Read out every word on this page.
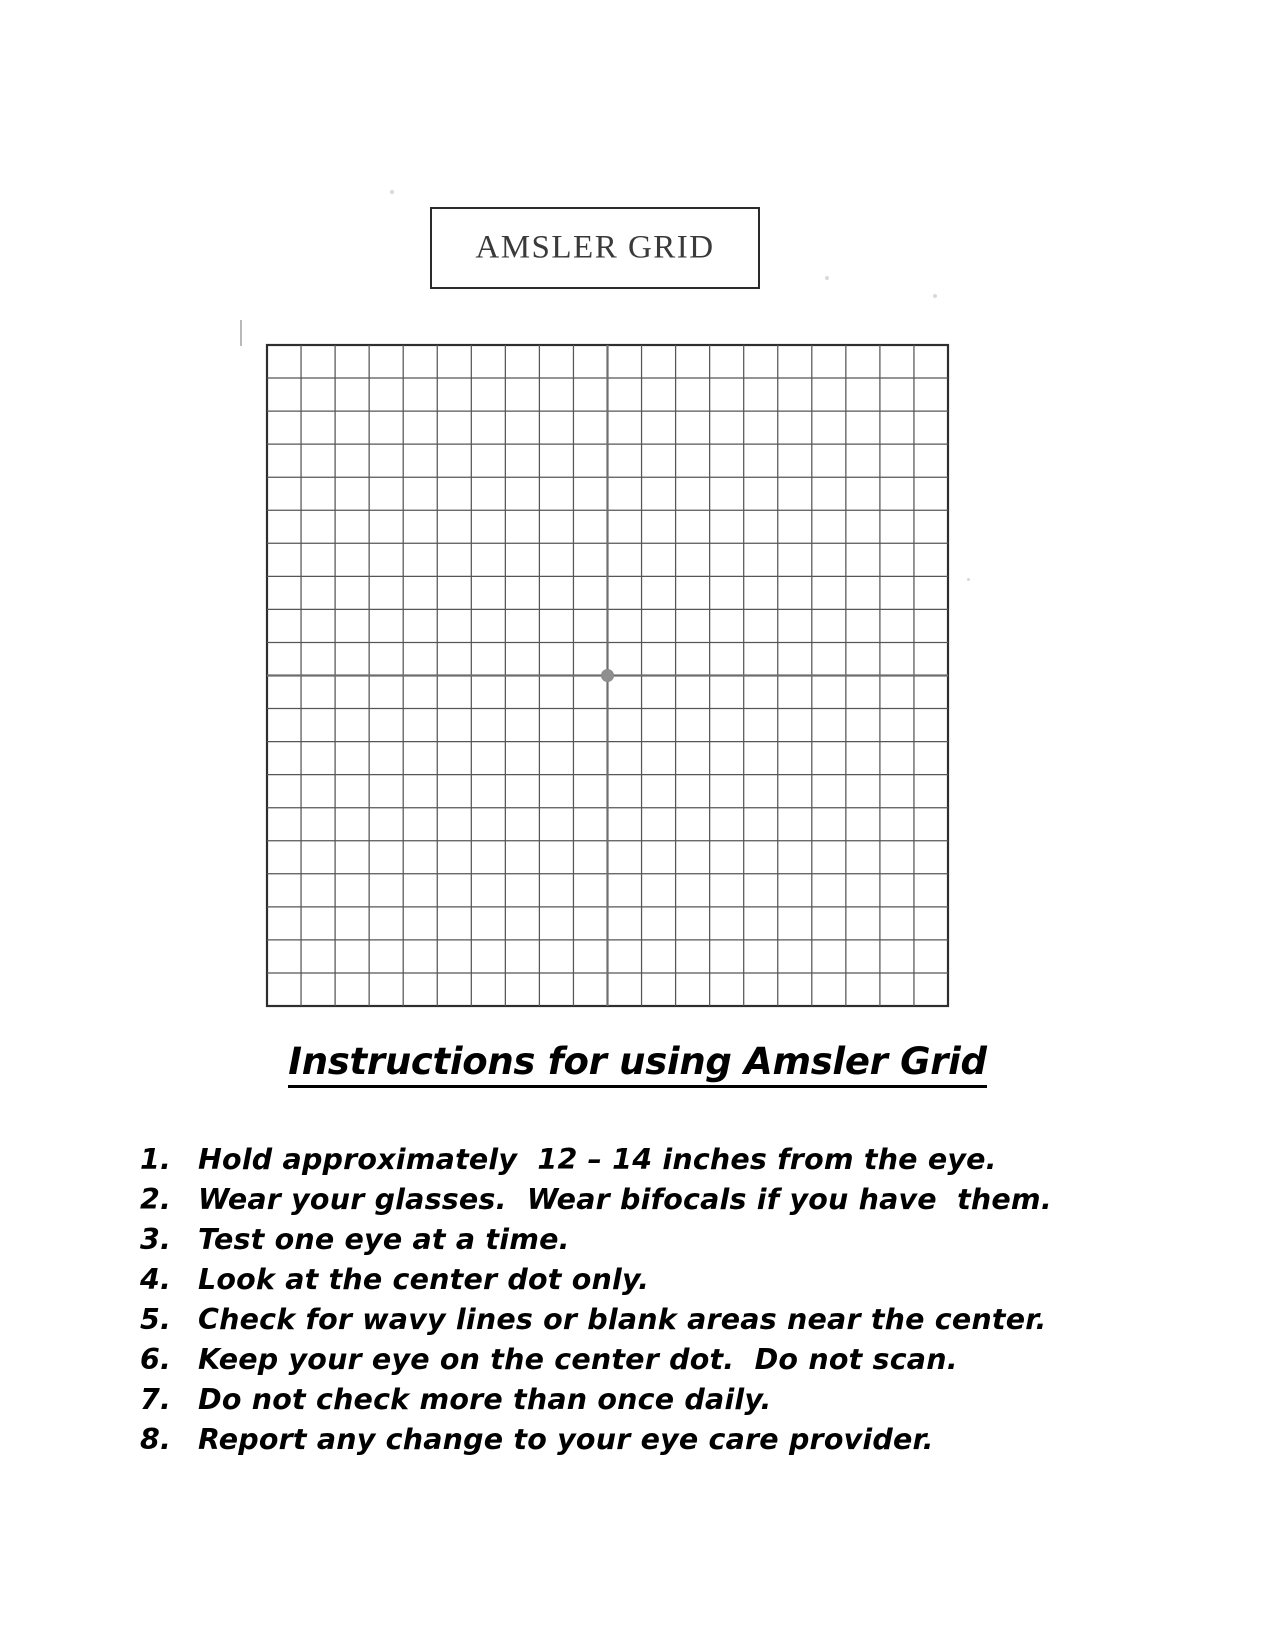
AMSLER GRID
Instructions for using Amsler Grid
1. Hold approximately  12 – 14 inches from the eye.
2. Wear your glasses.  Wear bifocals if you have  them.
3. Test one eye at a time.
4. Look at the center dot only.
5. Check for wavy lines or blank areas near the center.
6. Keep your eye on the center dot.  Do not scan.
7. Do not check more than once daily.
8. Report any change to your eye care provider.
